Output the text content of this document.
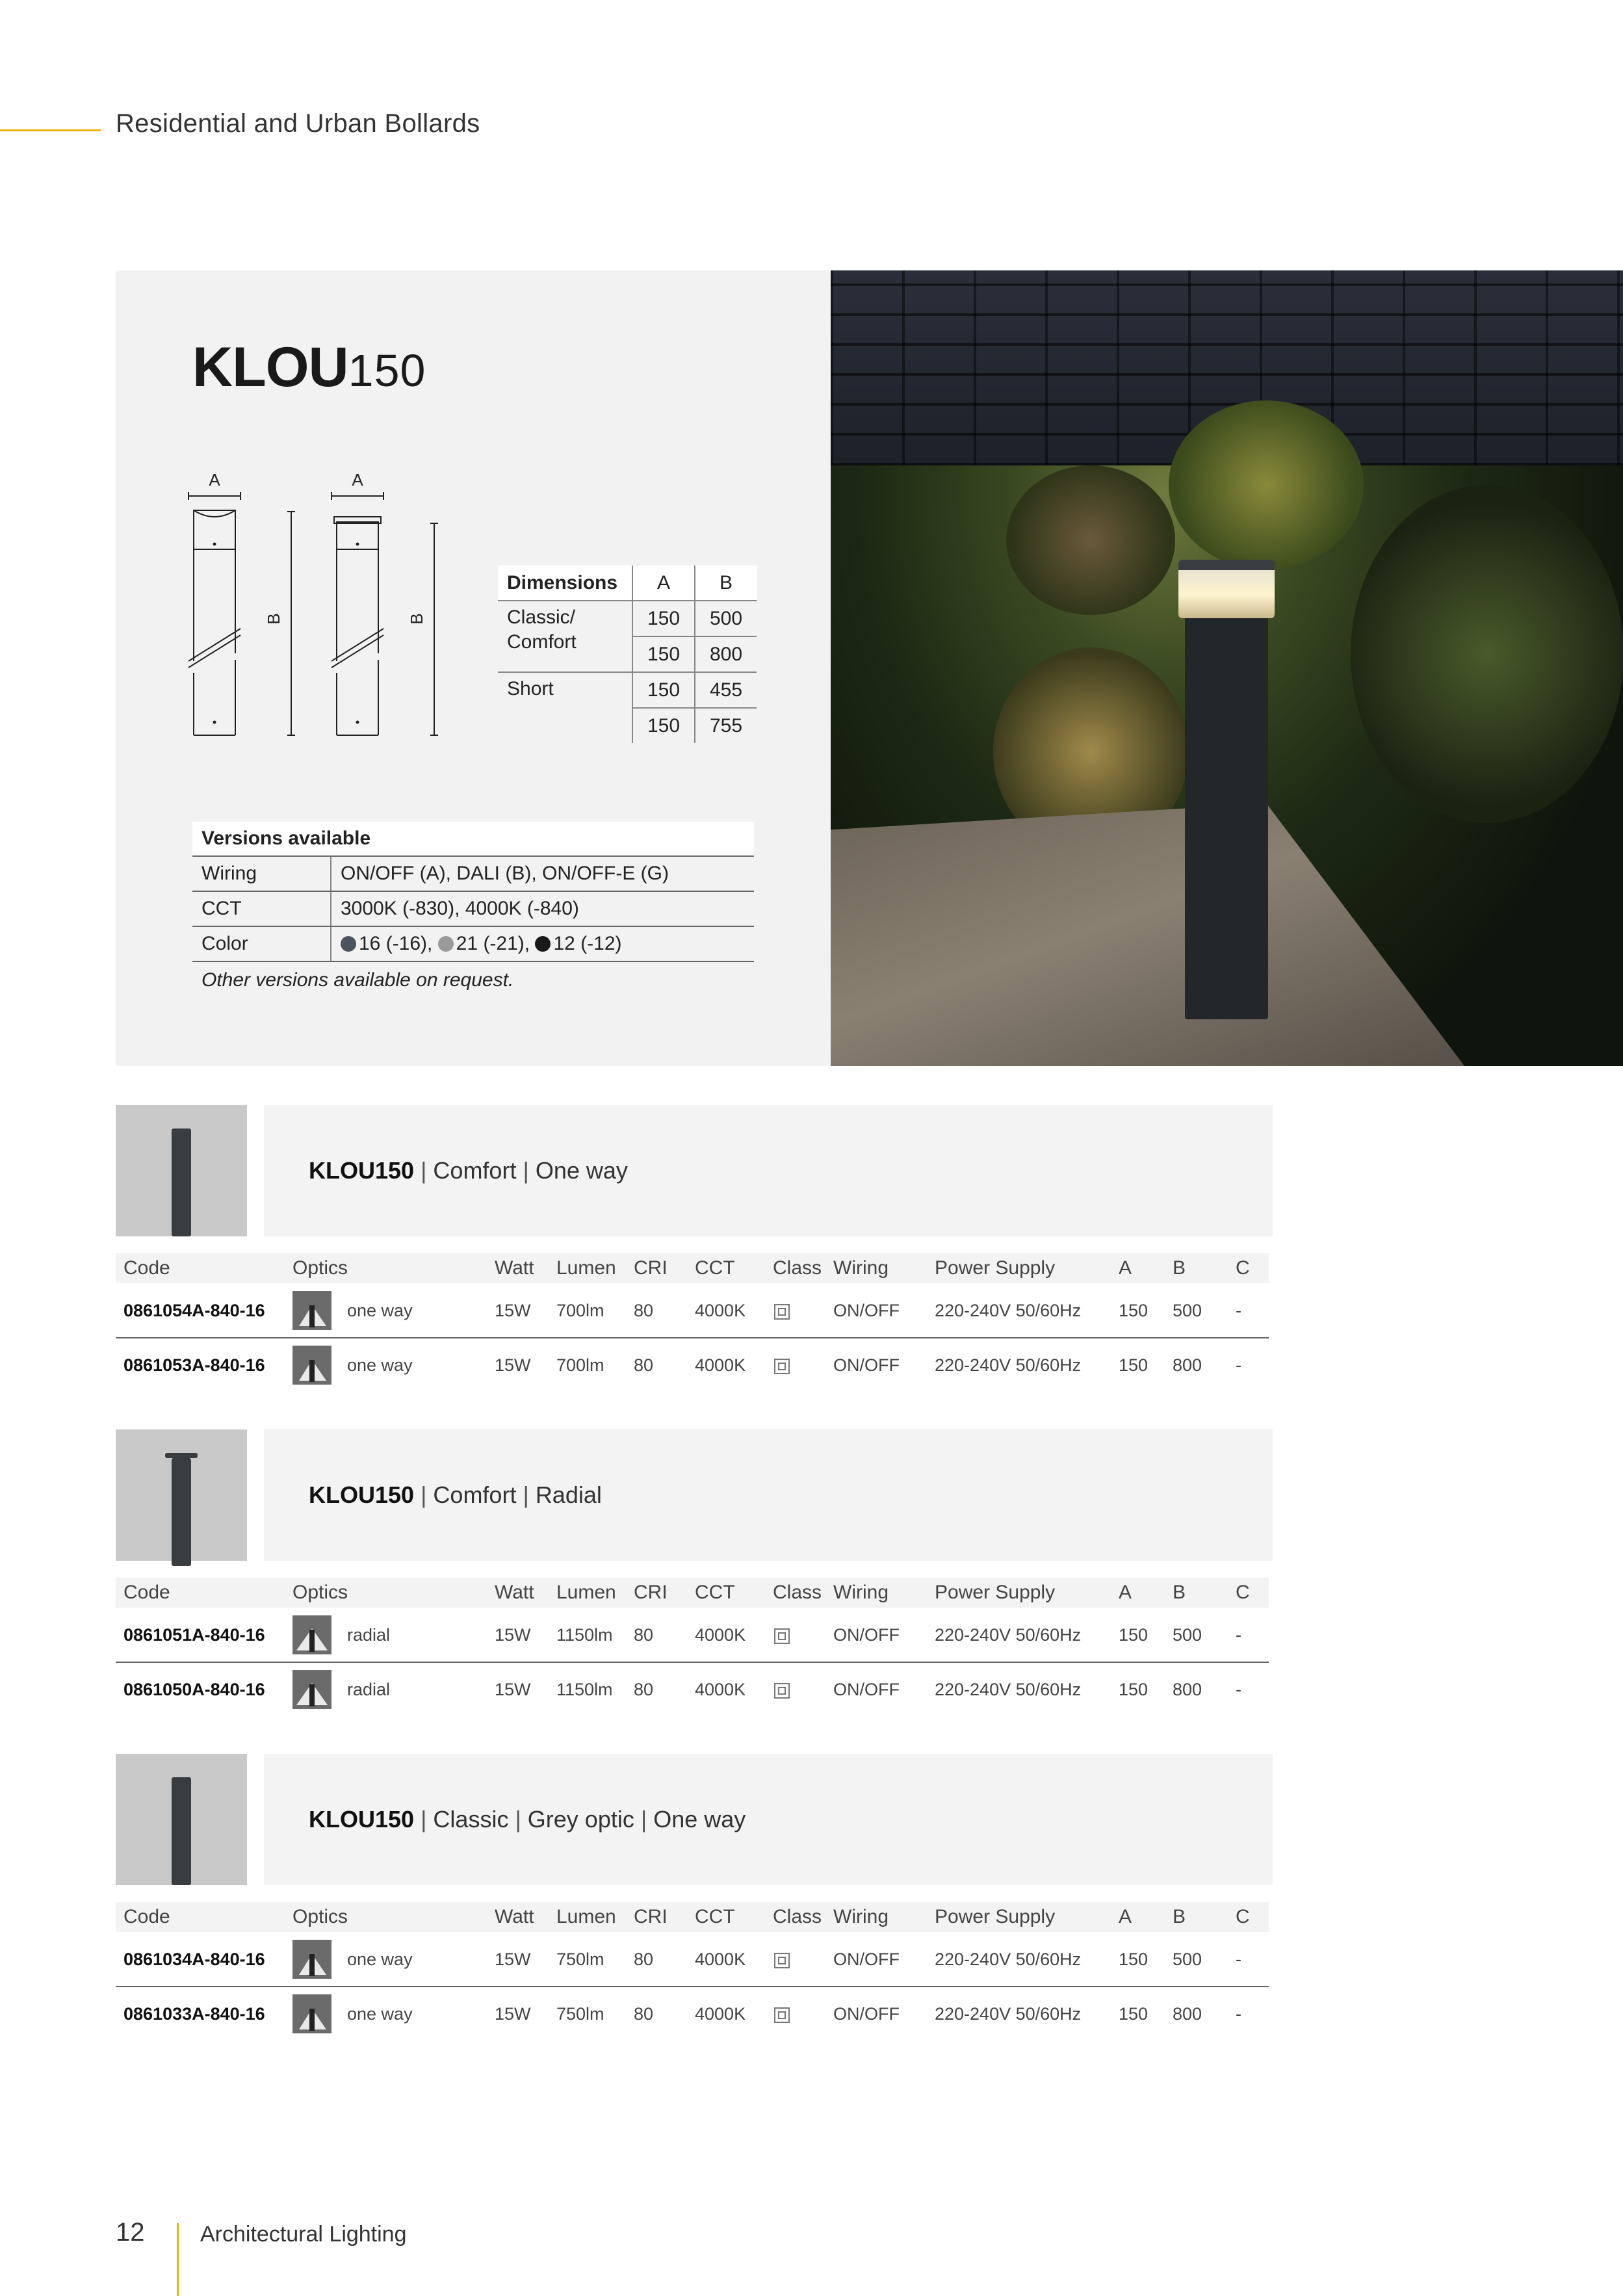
Residential and Urban Bollards
KLOU150
A	A
B	B
Dimensions	A	B
Classic/
Comfort	150	500
	150	800
Short	150	455
	150	755
Versions available
Wiring	ON/OFF (A), DALI (B), ON/OFF-E (G)
CCT	3000K (-830), 4000K (-840)
Color	16 (-16), 21 (-21), 12 (-12)
Other versions available on request.
KLOU150 | Comfort | One way
Code	Optics	Watt Lumen CRI CCT Class Wiring Power Supply	A B	C
0861054A-840-16	one way	15W 700lm 80 4000K	ON/OFF 220-240V 50/60Hz 150 500 -
0861053A-840-16	one way	15W 700lm 80 4000K	ON/OFF 220-240V 50/60Hz 150 800 -
KLOU150 | Comfort | Radial
Code	Optics	Watt Lumen CRI CCT Class Wiring Power Supply	A B	C
0861051A-840-16	radial	15W 1150lm 80 4000K	ON/OFF 220-240V 50/60Hz 150 500 -
0861050A-840-16	radial	15W 1150lm 80 4000K	ON/OFF 220-240V 50/60Hz 150 800 -
KLOU150 | Classic | Grey optic | One way
Code	Optics	Watt Lumen CRI CCT Class Wiring Power Supply	A B	C
0861034A-840-16	one way	15W 750lm 80 4000K	ON/OFF 220-240V 50/60Hz 150 500 -
0861033A-840-16	one way	15W 750lm 80 4000K	ON/OFF 220-240V 50/60Hz 150 800 -
12	Architectural Lighting
